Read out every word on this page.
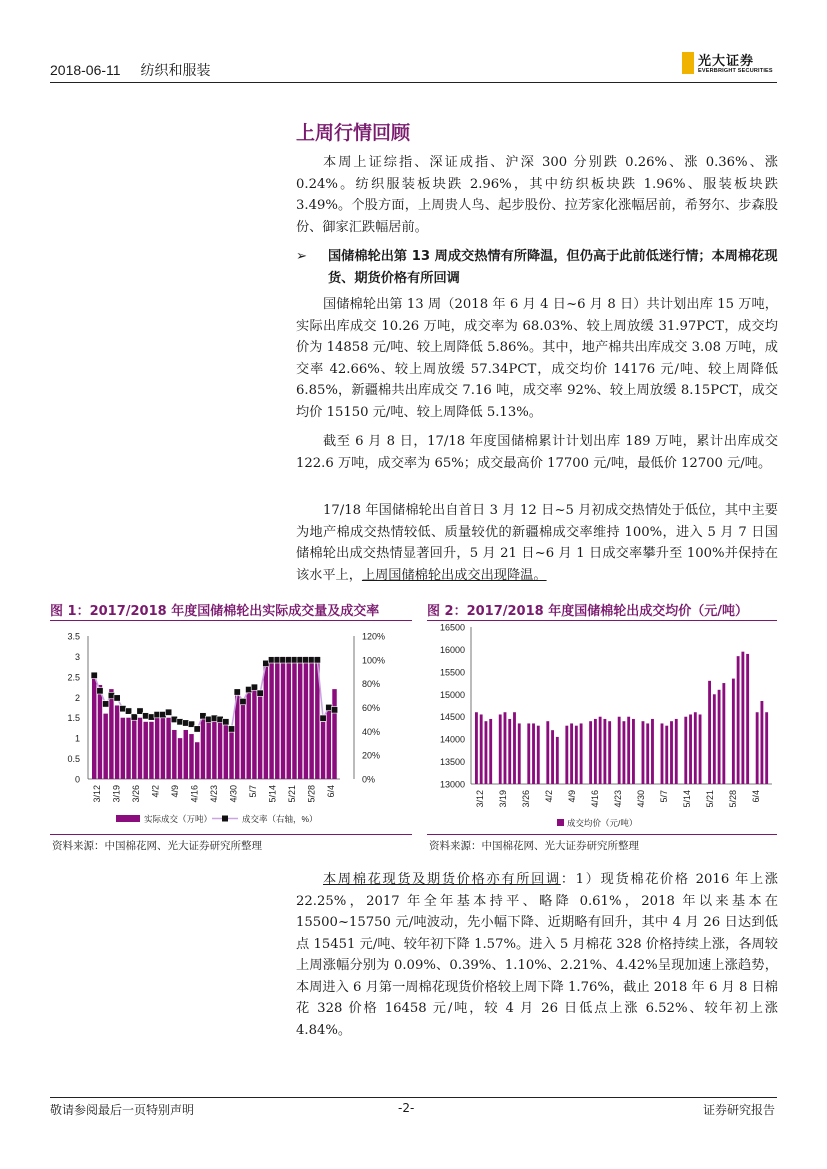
2018-06-11 纺织和服装
光大证券
EVERBRIGHT SECURITIES
上周行情回顾

本周上证综指、深证成指、沪深 300 分别跌 0.26%、涨 0.36%、涨 0.24%。纺织服装板块跌 2.96%，其中纺织板块跌 1.96%、服装板块跌 3.49%。个股方面，上周贵人鸟、起步股份、拉芳家化涨幅居前，希努尔、步森股份、御家汇跌幅居前。

➢ 国储棉轮出第 13 周成交热情有所降温，但仍高于此前低迷行情；本周棉花现货、期货价格有所回调

国储棉轮出第 13 周（2018 年 6 月 4 日~6 月 8 日）共计划出库 15 万吨，实际出库成交 10.26 万吨，成交率为 68.03%、较上周放缓 31.97PCT，成交均价为 14858 元/吨、较上周降低 5.86%。其中，地产棉共出库成交 3.08 万吨，成交率 42.66%、较上周放缓 57.34PCT，成交均价 14176 元/吨、较上周降低 6.85%，新疆棉共出库成交 7.16 吨，成交率 92%、较上周放缓 8.15PCT，成交均价 15150 元/吨、较上周降低 5.13%。

截至 6 月 8 日，17/18 年度国储棉累计计划出库 189 万吨，累计出库成交 122.6 万吨，成交率为 65%；成交最高价 17700 元/吨，最低价 12700 元/吨。

17/18 年国储棉轮出自首日 3 月 12 日~5 月初成交热情处于低位，其中主要为地产棉成交热情较低、质量较优的新疆棉成交率维持 100%，进入 5 月 7 日国储棉轮出成交热情显著回升，5 月 21 日~6 月 1 日成交率攀升至 100%并保持在该水平上，上周国储棉轮出成交出现降温。

图 1：2017/2018 年度国储棉轮出实际成交量及成交率
0
0.5
1
1.5
2
2.5
3
3.5
0%
20%
40%
60%
80%
100%
120%
3/12 3/19 3/26 4/2 4/9 4/16 4/23 4/30 5/7 5/14 5/21 5/28 6/4
实际成交（万吨）	成交率（右轴，%）
资料来源：中国棉花网、光大证券研究所整理
图 2：2017/2018 年度国储棉轮出成交均价（元/吨）
13000
13500
14000
14500
15000
15500
16000
16500
3/12 3/19 3/26 4/2 4/9 4/16 4/23 4/30 5/7 5/14 5/21 5/28 6/4
成交均价（元/吨）
资料来源：中国棉花网、光大证券研究所整理

本周棉花现货及期货价格亦有所回调：1）现货棉花价格 2016 年上涨 22.25%，2017 年全年基本持平、略降 0.61%，2018 年以来基本在 15500~15750 元/吨波动，先小幅下降、近期略有回升，其中 4 月 26 日达到低点 15451 元/吨、较年初下降 1.57%。进入 5 月棉花 328 价格持续上涨，各周较上周涨幅分别为 0.09%、0.39%、1.10%、2.21%、4.42%呈现加速上涨趋势，本周进入 6 月第一周棉花现货价格较上周下降 1.76%，截止 2018 年 6 月 8 日棉花 328 价格 16458 元/吨，较 4 月 26 日低点上涨 6.52%、较年初上涨 4.84%。

敬请参阅最后一页特别声明	-2-	证券研究报告
